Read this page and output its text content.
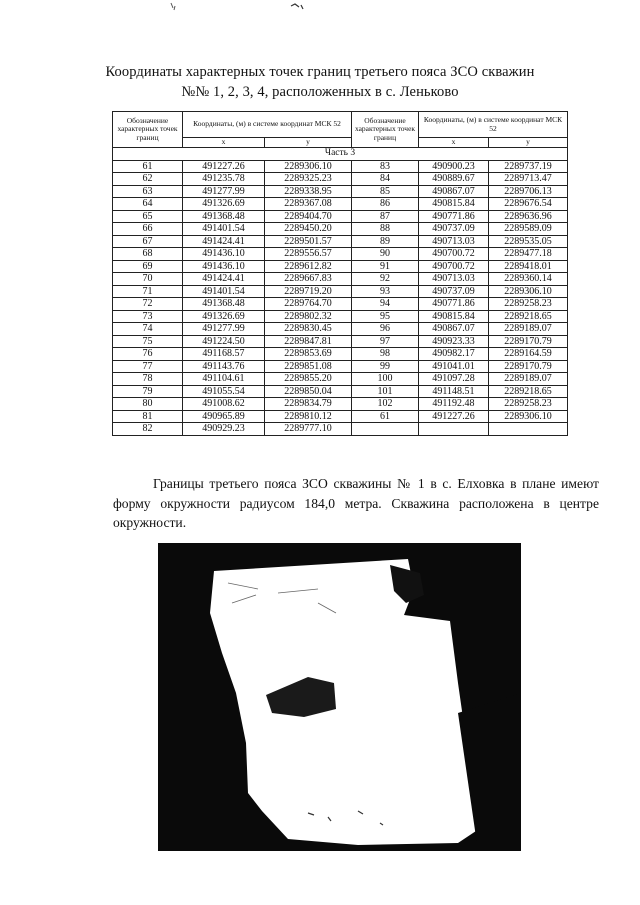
Координаты характерных точек границ третьего пояса ЗСО скважин
№№ 1, 2, 3, 4, расположенных в с. Леньково
Обозначение характерных точек границ	Координаты, (м) в системе координат МСК 52		Обозначение характерных точек границ	Координаты, (м) в системе координат МСК 52	
	x	y		x	y
Часть 3					
61	491227.26	2289306.10	83	490900.23	2289737.19
62	491235.78	2289325.23	84	490889.67	2289713.47
63	491277.99	2289338.95	85	490867.07	2289706.13
64	491326.69	2289367.08	86	490815.84	2289676.54
65	491368.48	2289404.70	87	490771.86	2289636.96
66	491401.54	2289450.20	88	490737.09	2289589.09
67	491424.41	2289501.57	89	490713.03	2289535.05
68	491436.10	2289556.57	90	490700.72	2289477.18
69	491436.10	2289612.82	91	490700.72	2289418.01
70	491424.41	2289667.83	92	490713.03	2289360.14
71	491401.54	2289719.20	93	490737.09	2289306.10
72	491368.48	2289764.70	94	490771.86	2289258.23
73	491326.69	2289802.32	95	490815.84	2289218.65
74	491277.99	2289830.45	96	490867.07	2289189.07
75	491224.50	2289847.81	97	490923.33	2289170.79
76	491168.57	2289853.69	98	490982.17	2289164.59
77	491143.76	2289851.08	99	491041.01	2289170.79
78	491104.61	2289855.20	100	491097.28	2289189.07
79	491055.54	2289850.04	101	491148.51	2289218.65
80	491008.62	2289834.79	102	491192.48	2289258.23
81	490965.89	2289810.12	61	491227.26	2289306.10
82	490929.23	2289777.10			
Границы третьего пояса ЗСО скважины № 1 в с. Елховка в плане имеют форму окружности радиусом 184,0 метра. Скважина расположена в центре окружности.
